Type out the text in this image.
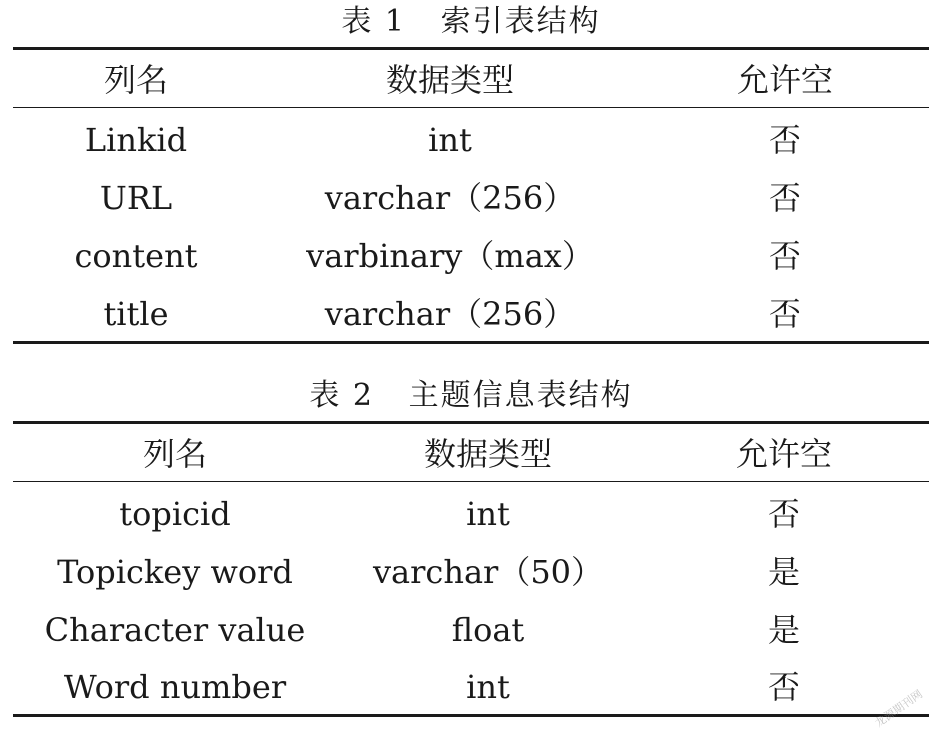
表 1   索引表结构
列名	数据类型	允许空
Linkid	int	否
URL	varchar（256）	否
content	varbinary（max）	否
title	varchar（256）	否
表 2   主题信息表结构
列名	数据类型	允许空
topicid	int	否
Topickey word	varchar（50）	是
Character value	float	是
Word number	int	否
龙源期刊网
